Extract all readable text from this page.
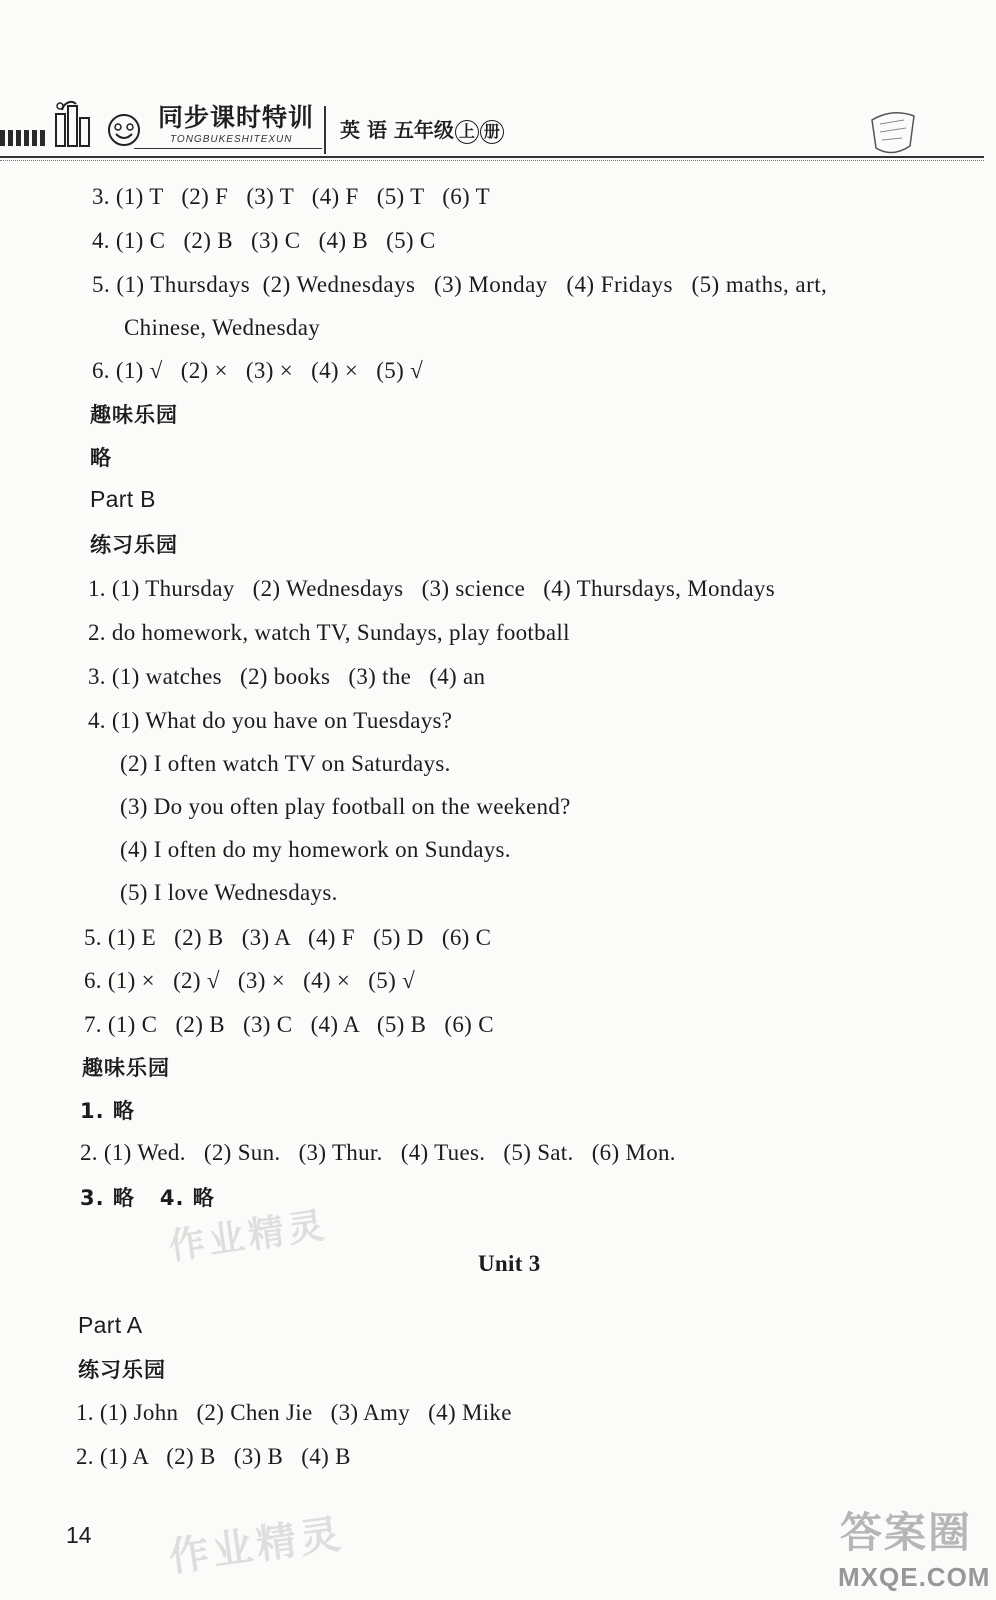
同步课时特训
TONGBUKESHITEXUN 英 语 五年级 上 册
3. (1) T   (2) F   (3) T   (4) F   (5) T   (6) T
4. (1) C   (2) B   (3) C   (4) B   (5) C
5. (1) Thursdays  (2) Wednesdays   (3) Monday   (4) Fridays   (5) maths, art,
Chinese, Wednesday
6. (1) √   (2) ×   (3) ×   (4) ×   (5) √
趣味乐园
略
Part B
练习乐园
1. (1) Thursday   (2) Wednesdays   (3) science   (4) Thursdays, Mondays
2. do homework, watch TV, Sundays, play football
3. (1) watches   (2) books   (3) the   (4) an
4. (1) What do you have on Tuesdays?
(2) I often watch TV on Saturdays.
(3) Do you often play football on the weekend?
(4) I often do my homework on Sundays.
(5) I love Wednesdays.
5. (1) E   (2) B   (3) A   (4) F   (5) D   (6) C
6. (1) ×   (2) √   (3) ×   (4) ×   (5) √
7. (1) C   (2) B   (3) C   (4) A   (5) B   (6) C
趣味乐园
1. 略
2. (1) Wed.   (2) Sun.   (3) Thur.   (4) Tues.   (5) Sat.   (6) Mon.
3. 略   4. 略
Unit 3
Part A
练习乐园
1. (1) John   (2) Chen Jie   (3) Amy   (4) Mike
2. (1) A   (2) B   (3) B   (4) B
作业精灵
作业精灵	答案圈
MXQE.COM
14
